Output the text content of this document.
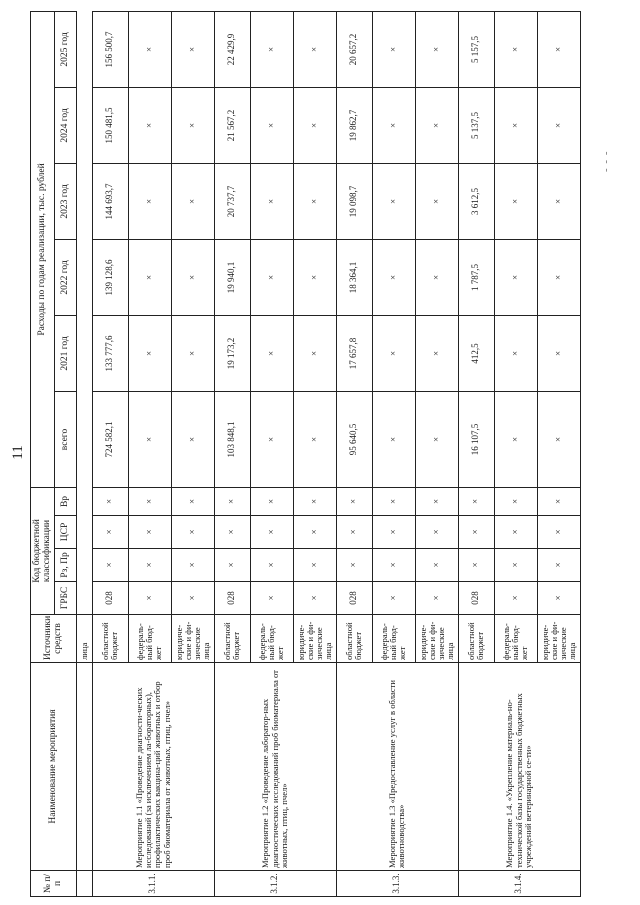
11
№ п/п	Наименование мероприятия	Источники средств	Код бюджетной классификации				Расходы по годам реализации, тыс. рублей					
			ГРБС	Рз, Пр	ЦСР	Вр	всего	2021 год	2022 год	2023 год	2024 год	2025 год
		лица										
3.1.1.	Мероприятие 1.1 «Проведение диагности-ческих исследований (за исключением ла-бораторных), профилактических вакцина-ций животных и отбор проб биоматериала от животных, птиц, пчел»	областной бюджет	028	×	×	×	724 582,1	133 777,6	139 128,6	144 693,7	150 481,5	156 500,7
		федераль-ный бюд-жет	×	×	×	×	×	×	×	×	×	×
		юридиче-ские и фи-зические лица	×	×	×	×	×	×	×	×	×	×
3.1.2.	Мероприятие 1.2 «Проведение лаборатор-ных диагностических исследований проб биоматериала от животных, птиц, пчел»	областной бюджет	028	×	×	×	103 848,1	19 173,2	19 940,1	20 737,7	21 567,2	22 429,9
		федераль-ный бюд-жет	×	×	×	×	×	×	×	×	×	×
		юридиче-ские и фи-зические лица	×	×	×	×	×	×	×	×	×	×
3.1.3.	Мероприятие 1.3 «Предоставление услуг в области животноводства»	областной бюджет	028	×	×	×	95 640,5	17 657,8	18 364,1	19 098,7	19 862,7	20 657,2
		федераль-ный бюд-жет	×	×	×	×	×	×	×	×	×	×
		юридиче-ские и фи-зические лица	×	×	×	×	×	×	×	×	×	×
3.1.4.	Мероприятие 1.4. «Укрепление материаль-но-технической базы государственных бюджетных учреждений ветеринарной се-ти»	областной бюджет	028	×	×	×	16 107,5	412,5	1 787,5	3 612,5	5 137,5	5 157,5
		федераль-ный бюд-жет	×	×	×	×	×	×	×	×	×	×
		юридиче-ские и фи-зические лица	×	×	×	×	×	×	×	×	×	×
- - -
